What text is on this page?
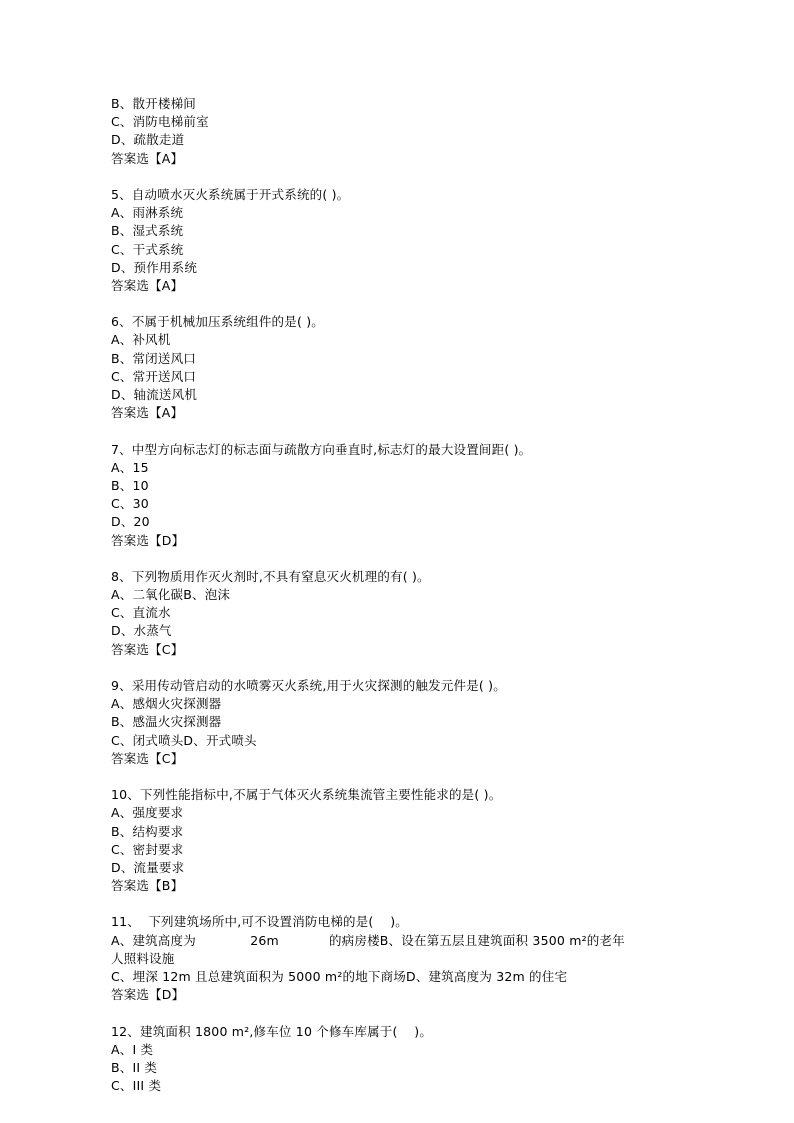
B、散开楼梯间
C、消防电梯前室
D、疏散走道
答案选【A】
5、自动喷水灭火系统属于开式系统的( )。
A、雨淋系统
B、湿式系统
C、干式系统
D、预作用系统
答案选【A】
6、不属于机械加压系统组件的是( )。
A、补风机
B、常闭送风口
C、常开送风口
D、轴流送风机
答案选【A】
7、中型方向标志灯的标志面与疏散方向垂直时,标志灯的最大设置间距( )。
A、15
B、10
C、30
D、20
答案选【D】
8、下列物质用作灭火剂时,不具有窒息灭火机理的有( )。
A、二氧化碳B、泡沫
C、直流水
D、水蒸气
答案选【C】
9、采用传动管启动的水喷雾灭火系统,用于火灾探测的触发元件是( )。
A、感烟火灾探测器
B、感温火灾探测器
C、闭式喷头D、开式喷头
答案选【C】
10、下列性能指标中,不属于气体灭火系统集流管主要性能求的是( )。
A、强度要求
B、结构要求
C、密封要求
D、流量要求
答案选【B】
11、  下列建筑场所中,可不设置消防电梯的是(    )。
A、建筑高度为             26m            的病房楼B、设在第五层且建筑面积 3500 m²的老年
人照料设施
C、埋深 12m 且总建筑面积为 5000 m²的地下商场D、建筑高度为 32m 的住宅
答案选【D】
12、建筑面积 1800 m²,修车位 10 个修车库属于(    )。
A、I 类
B、II 类
C、III 类
